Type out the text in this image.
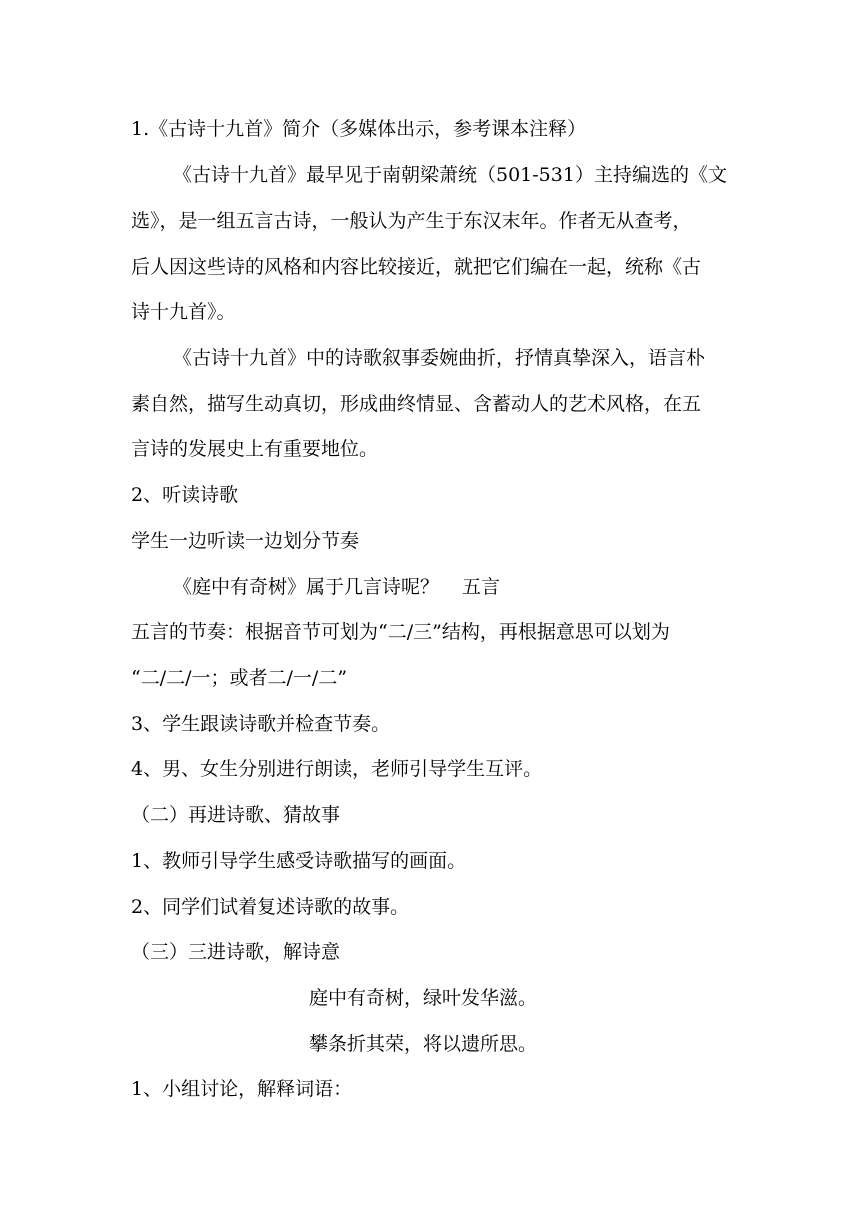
1.《古诗十九首》简介（多媒体出示，参考课本注释）
《古诗十九首》最早见于南朝梁萧统（501-531）主持编选的《文
选》，是一组五言古诗，一般认为产生于东汉末年。作者无从查考，
后人因这些诗的风格和内容比较接近，就把它们编在一起，统称《古
诗十九首》。
《古诗十九首》中的诗歌叙事委婉曲折，抒情真挚深入，语言朴
素自然，描写生动真切，形成曲终情显、含蓄动人的艺术风格，在五
言诗的发展史上有重要地位。
2、听读诗歌
学生一边听读一边划分节奏
《庭中有奇树》属于几言诗呢？ 五言
五言的节奏：根据音节可划为“二/三”结构，再根据意思可以划为
“二/二/一；或者二/一/二”
3、学生跟读诗歌并检查节奏。
4、男、女生分别进行朗读，老师引导学生互评。
（二）再进诗歌、猜故事
1、教师引导学生感受诗歌描写的画面。
2、同学们试着复述诗歌的故事。
（三）三进诗歌，解诗意
庭中有奇树，绿叶发华滋。
攀条折其荣，将以遗所思。
1、小组讨论，解释词语：
